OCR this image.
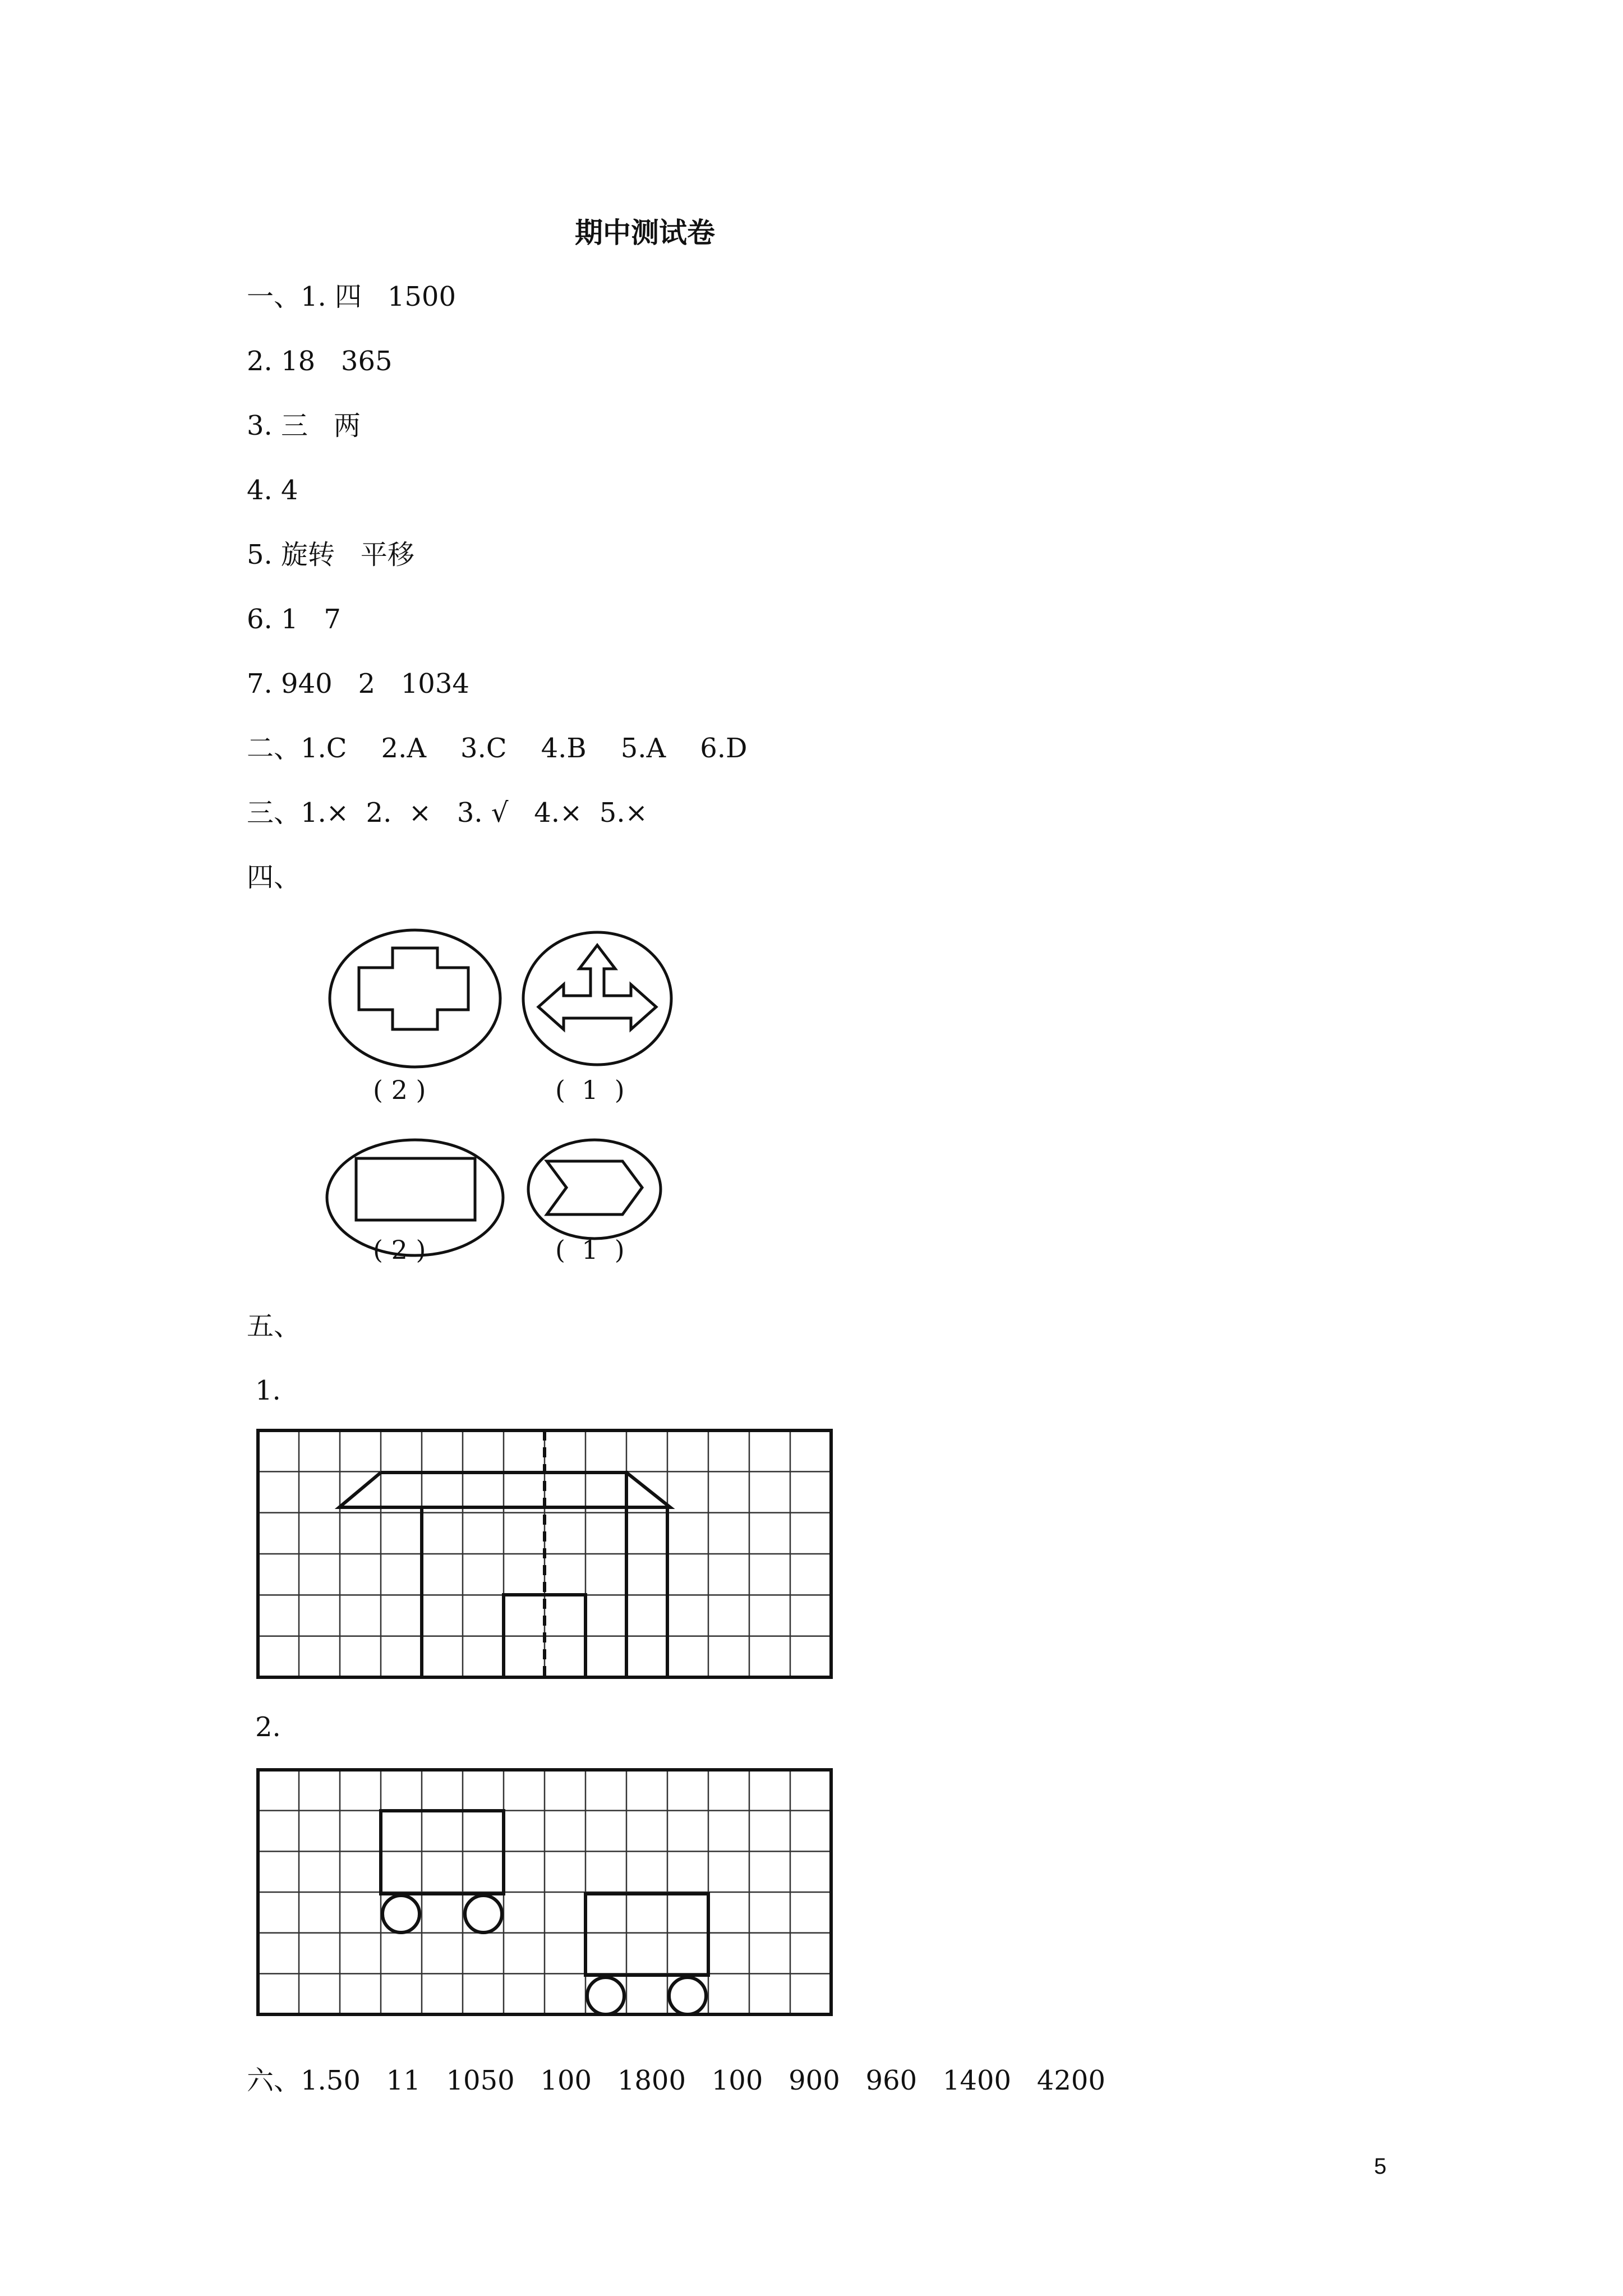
期中测试卷
一、1. 四   1500
2. 18   365
3. 三   两
4. 4
5. 旋转   平移
6. 1   7
7. 940   2   1034
二、1.C    2.A    3.C    4.B    5.A    6.D
三、1.×  2.  ×   3. √   4.×  5.×
四、
( 2 )	(  1  )
( 2 )	(  1  )
五、
1.
2.
六、1.50   11   1050   100   1800   100   900   960   1400   4200
5
